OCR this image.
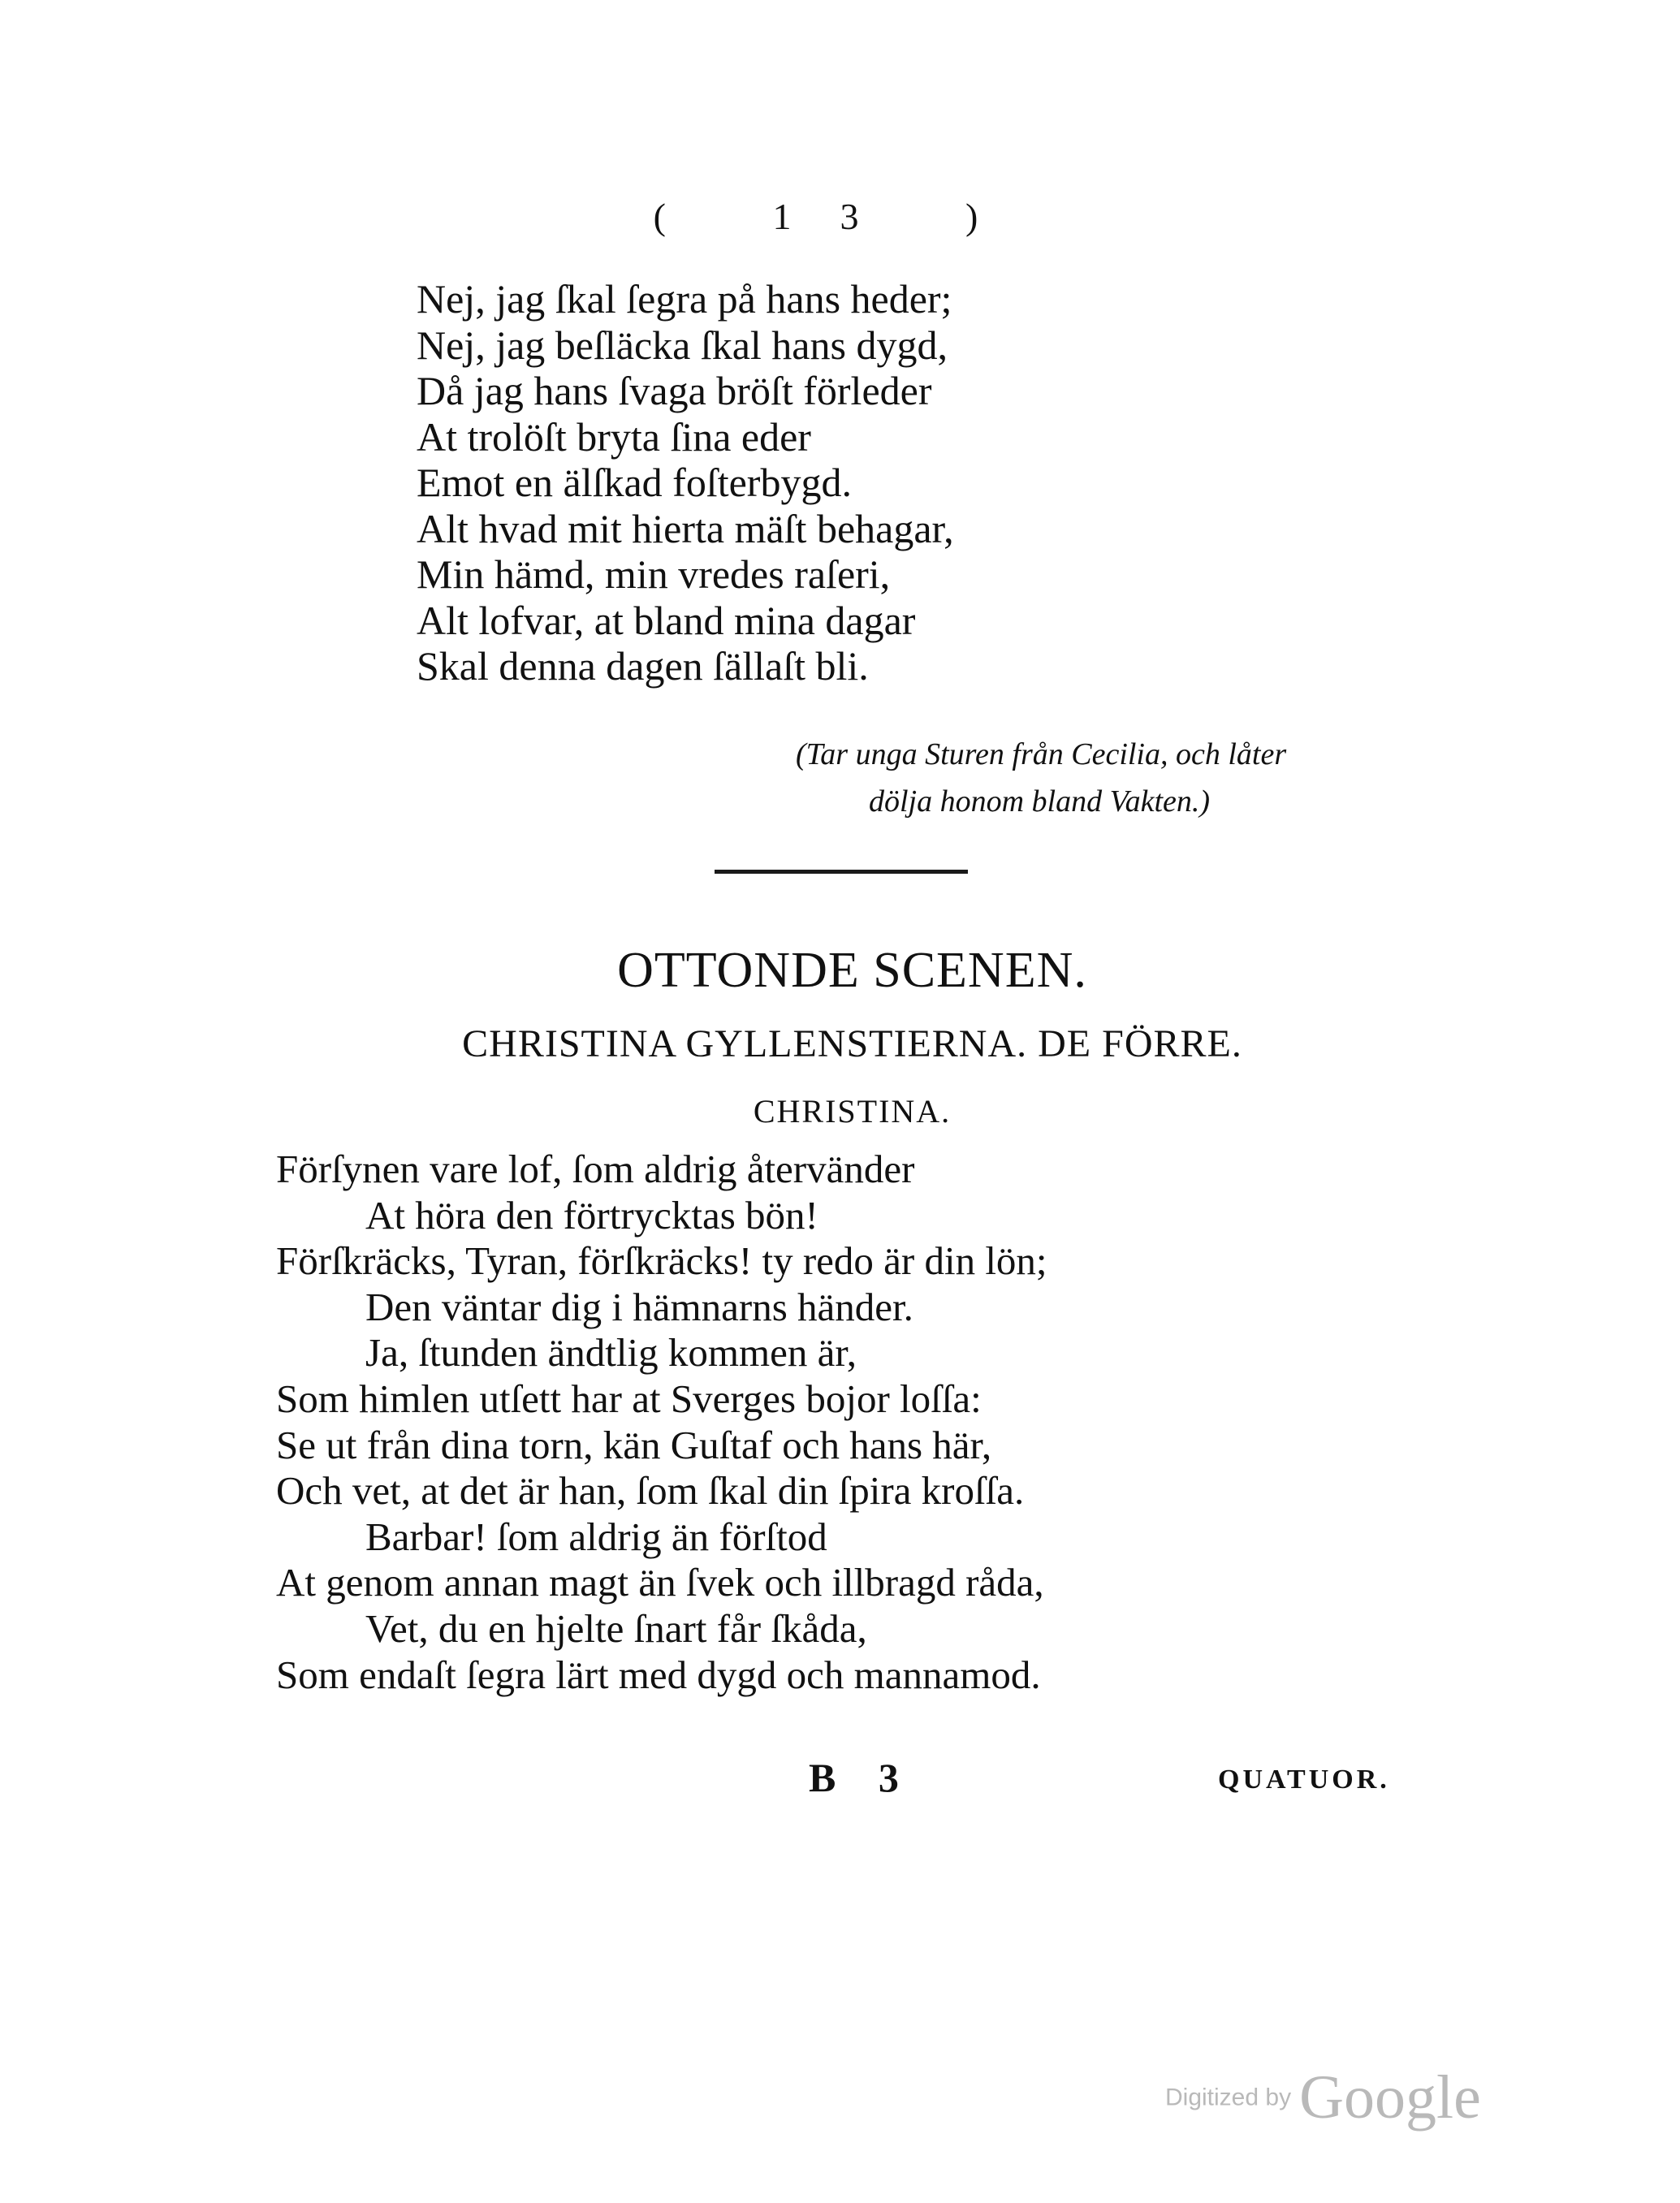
( 13 )
Nej, jag ſkal ſegra på hans heder;
Nej, jag beſläcka ſkal hans dygd,
Då jag hans ſvaga bröſt förleder
At trolöſt bryta ſina eder
Emot en älſkad foſterbygd.
Alt hvad mit hierta mäſt behagar,
Min hämd, min vredes raſeri,
Alt lofvar, at bland mina dagar
Skal denna dagen ſällaſt bli.
(Tar unga Sturen från Cecilia, och låter
dölja honom bland Vakten.)
OTTONDE SCENEN.
CHRISTINA GYLLENSTIERNA. DE FÖRRE.
CHRISTINA.
Förſynen vare lof, ſom aldrig återvänder
At höra den förtrycktas bön!
Förſkräcks, Tyran, förſkräcks! ty redo är din lön;
Den väntar dig i hämnarns händer.
Ja, ſtunden ändtlig kommen är,
Som himlen utſett har at Sverges bojor loſſa:
Se ut från dina torn, kän Guſtaf och hans här,
Och vet, at det är han, ſom ſkal din ſpira kroſſa.
Barbar! ſom aldrig än förſtod
At genom annan magt än ſvek och illbragd råda,
Vet, du en hjelte ſnart får ſkåda,
Som endaſt ſegra lärt med dygd och mannamod.
B 3	QUATUOR.
Digitized by Google
